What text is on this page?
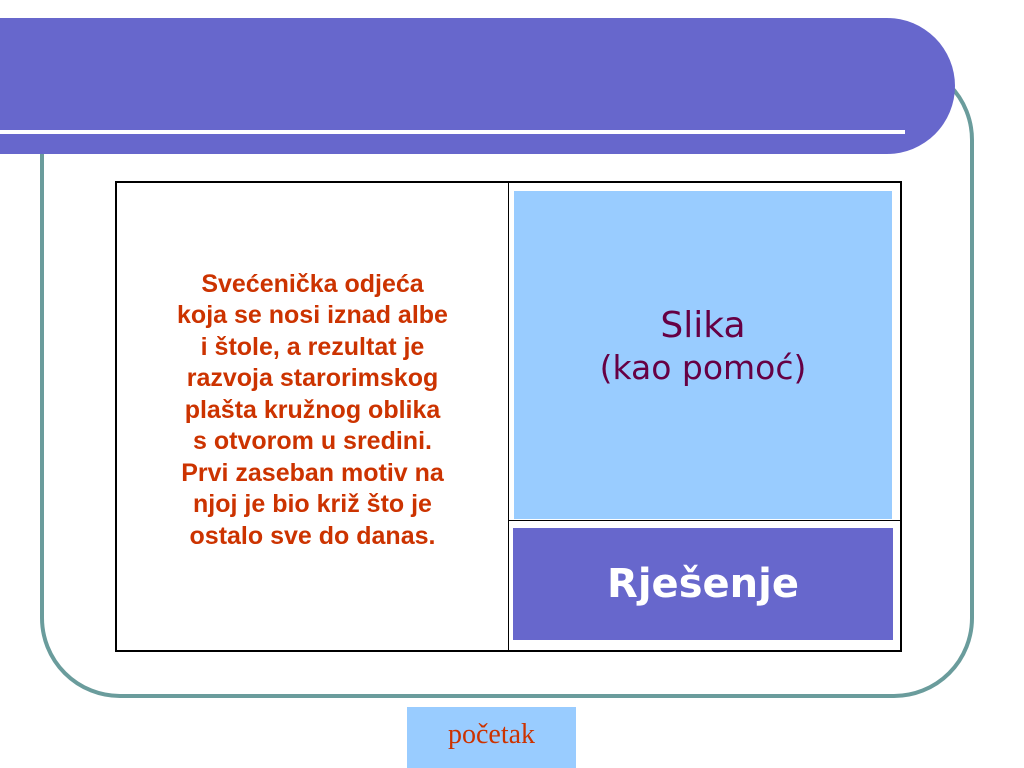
Svećenička odjeća
koja se nosi iznad albe
i štole, a rezultat je
razvoja starorimskog
plašta kružnog oblika
s otvorom u sredini.
Prvi zaseban motiv na
njoj je bio križ što je
ostalo sve do danas.

Slika
(kao pomoć)
Rješenje
početak
